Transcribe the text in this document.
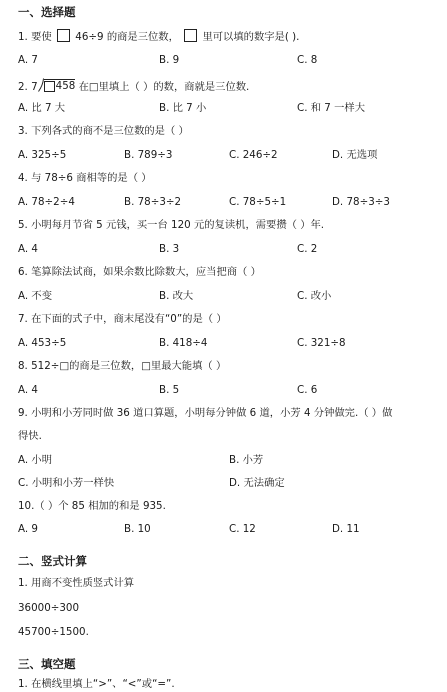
一、选择题
1. 要使 46÷9 的商是三位数， 里可以填的数字是( ).
A. 7	B. 9	C. 8
2. 7 458 在□里填上（ ）的数，商就是三位数.
A. 比 7 大	B. 比 7 小	C. 和 7 一样大
3. 下列各式的商不是三位数的是（ ）
A. 325÷5	B. 789÷3	C. 246÷2	D. 无选项
4. 与 78÷6 商相等的是（ ）
A. 78÷2÷4	B. 78÷3÷2	C. 78÷5÷1	D. 78÷3÷3
5. 小明每月节省 5 元钱，买一台 120 元的复读机，需要攒（ ）年.
A. 4	B. 3	C. 2
6. 笔算除法试商，如果余数比除数大，应当把商（ ）
A. 不变	B. 改大	C. 改小
7. 在下面的式子中，商末尾没有“0”的是（ ）
A. 453÷5	B. 418÷4	C. 321÷8
8. 512÷□的商是三位数，□里最大能填（ ）
A. 4	B. 5	C. 6
9. 小明和小芳同时做 36 道口算题，小明每分钟做 6 道，小芳 4 分钟做完.（ ）做
得快.
A. 小明	B. 小芳
C. 小明和小芳一样快	D. 无法确定
10.（ ）个 85 相加的和是 935.
A. 9	B. 10	C. 12	D. 11
二、竖式计算
1. 用商不变性质竖式计算
36000÷300
45700÷1500.
三、填空题
1. 在横线里填上“>”、“<”或“=”.
